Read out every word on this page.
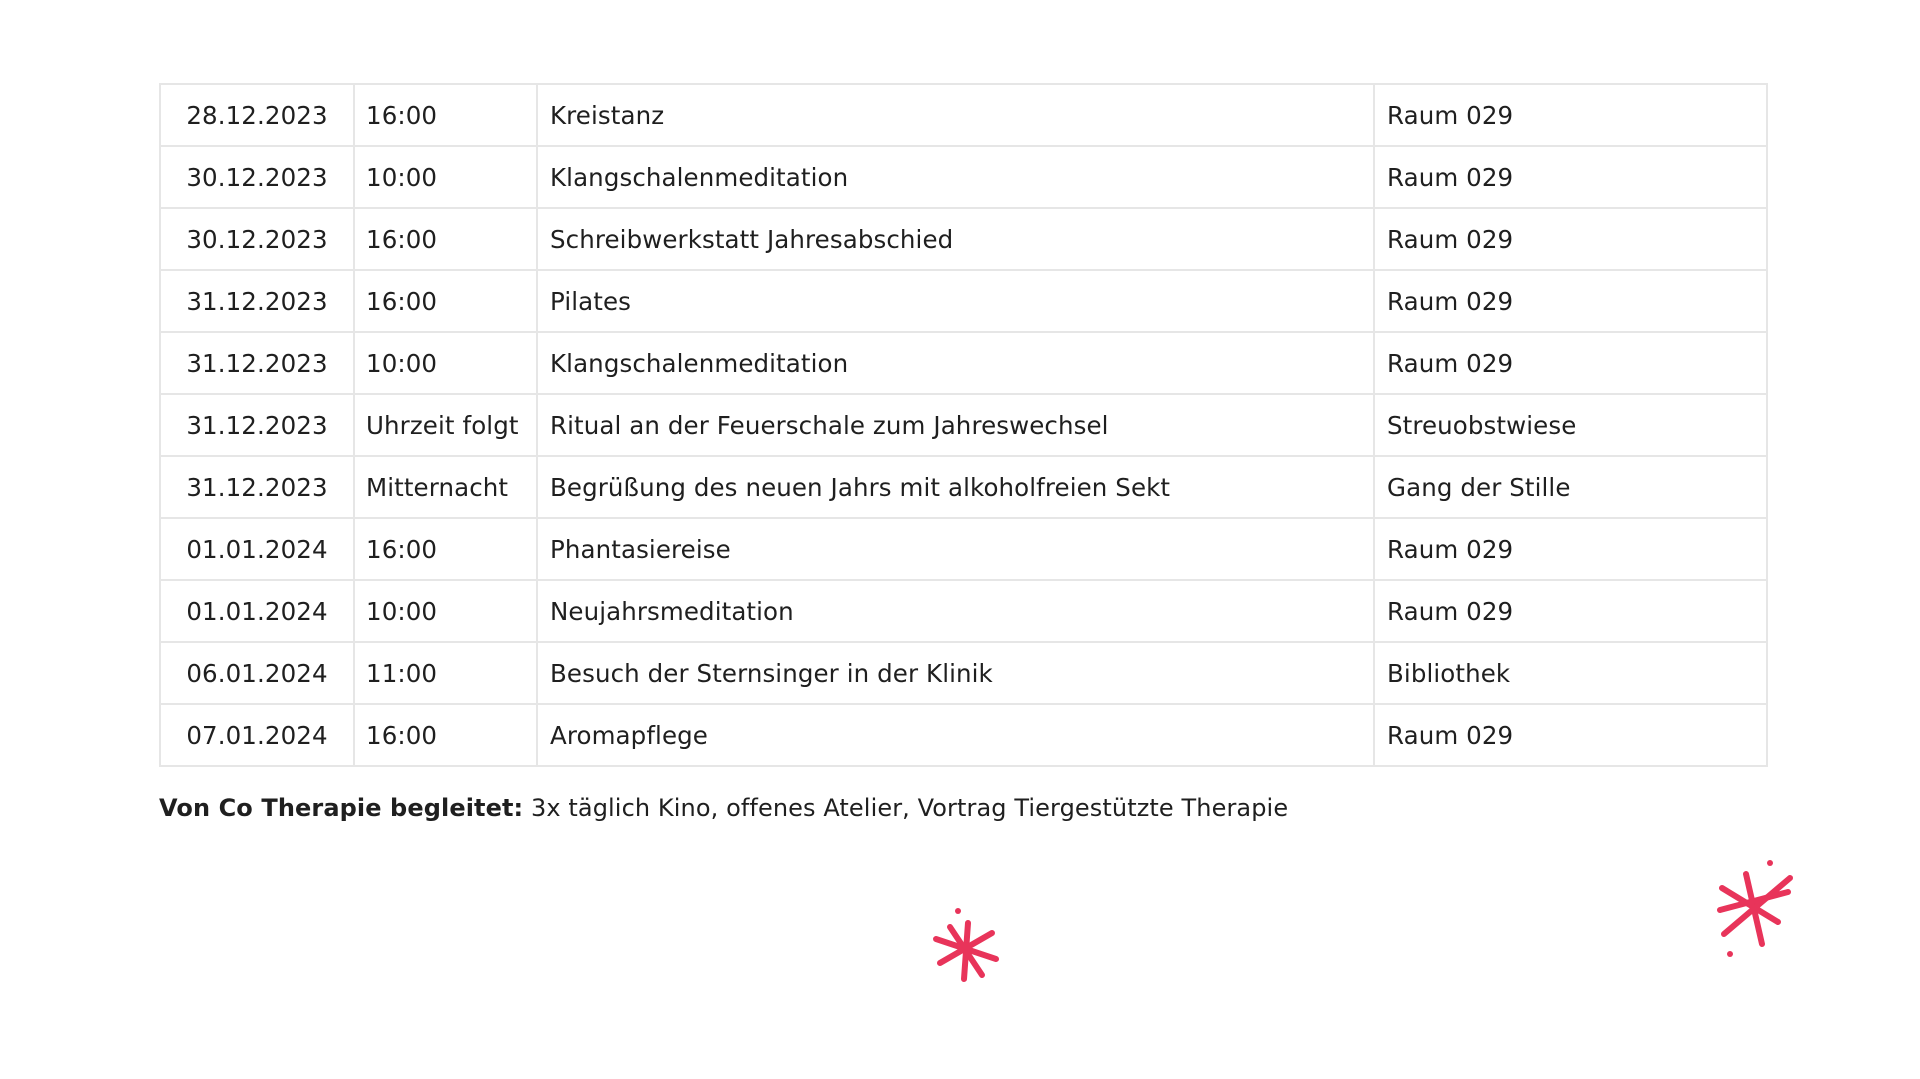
28.12.2023	16:00	Kreistanz	Raum 029
30.12.2023	10:00	Klangschalenmeditation	Raum 029
30.12.2023	16:00	Schreibwerkstatt Jahresabschied	Raum 029
31.12.2023	16:00	Pilates	Raum 029
31.12.2023	10:00	Klangschalenmeditation	Raum 029
31.12.2023	Uhrzeit folgt	Ritual an der Feuerschale zum Jahreswechsel	Streuobstwiese
31.12.2023	Mitternacht	Begrüßung des neuen Jahrs mit alkoholfreien Sekt	Gang der Stille
01.01.2024	16:00	Phantasiereise	Raum 029
01.01.2024	10:00	Neujahrsmeditation	Raum 029
06.01.2024	11:00	Besuch der Sternsinger in der Klinik	Bibliothek
07.01.2024	16:00	Aromapflege	Raum 029
Von Co Therapie begleitet: 3x täglich Kino, offenes Atelier, Vortrag Tiergestützte Therapie
